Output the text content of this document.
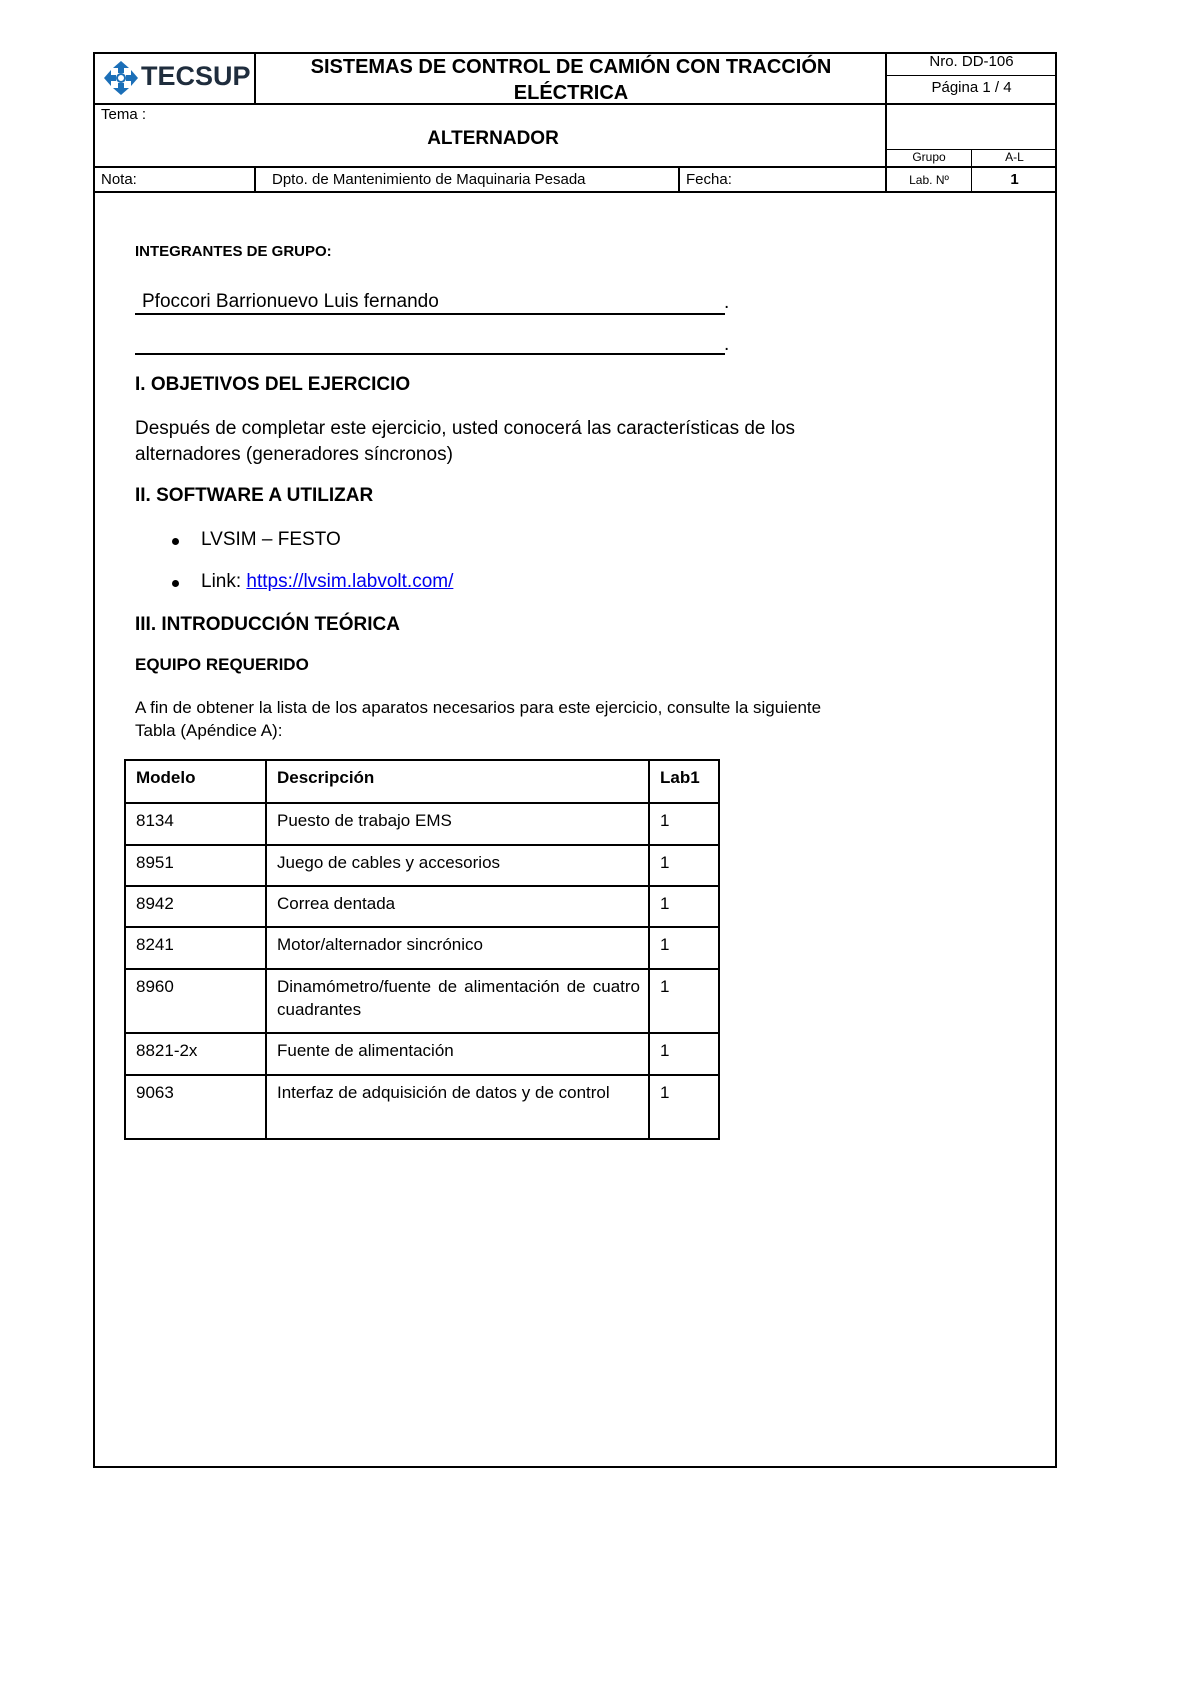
TECSUP	SISTEMAS DE CONTROL DE CAMIÓN CON TRACCIÓN
ELÉCTRICA
Nro. DD-106
Página 1 / 4
Tema :
ALTERNADOR
Grupo	A-L
Nota:	Dpto. de Mantenimiento de Maquinaria Pesada	Fecha:	Lab. Nº	1
INTEGRANTES DE GRUPO:
Pfoccori Barrionuevo Luis fernando	.
.
I. OBJETIVOS DEL EJERCICIO
Después de completar este ejercicio, usted conocerá las características de los
alternadores (generadores síncronos)
II. SOFTWARE A UTILIZAR
LVSIM – FESTO
Link: https://lvsim.labvolt.com/
III. INTRODUCCIÓN TEÓRICA
EQUIPO REQUERIDO
A fin de obtener la lista de los aparatos necesarios para este ejercicio, consulte la siguiente
Tabla (Apéndice A):
Modelo	Descripción	Lab1
8134	Puesto de trabajo EMS	1
8951	Juego de cables y accesorios	1
8942	Correa dentada	1
8241	Motor/alternador sincrónico	1
8960	Dinamómetro/fuente de alimentación de cuatro cuadrantes	1
8821-2x	Fuente de alimentación	1
9063	Interfaz de adquisición de datos y de control	1
